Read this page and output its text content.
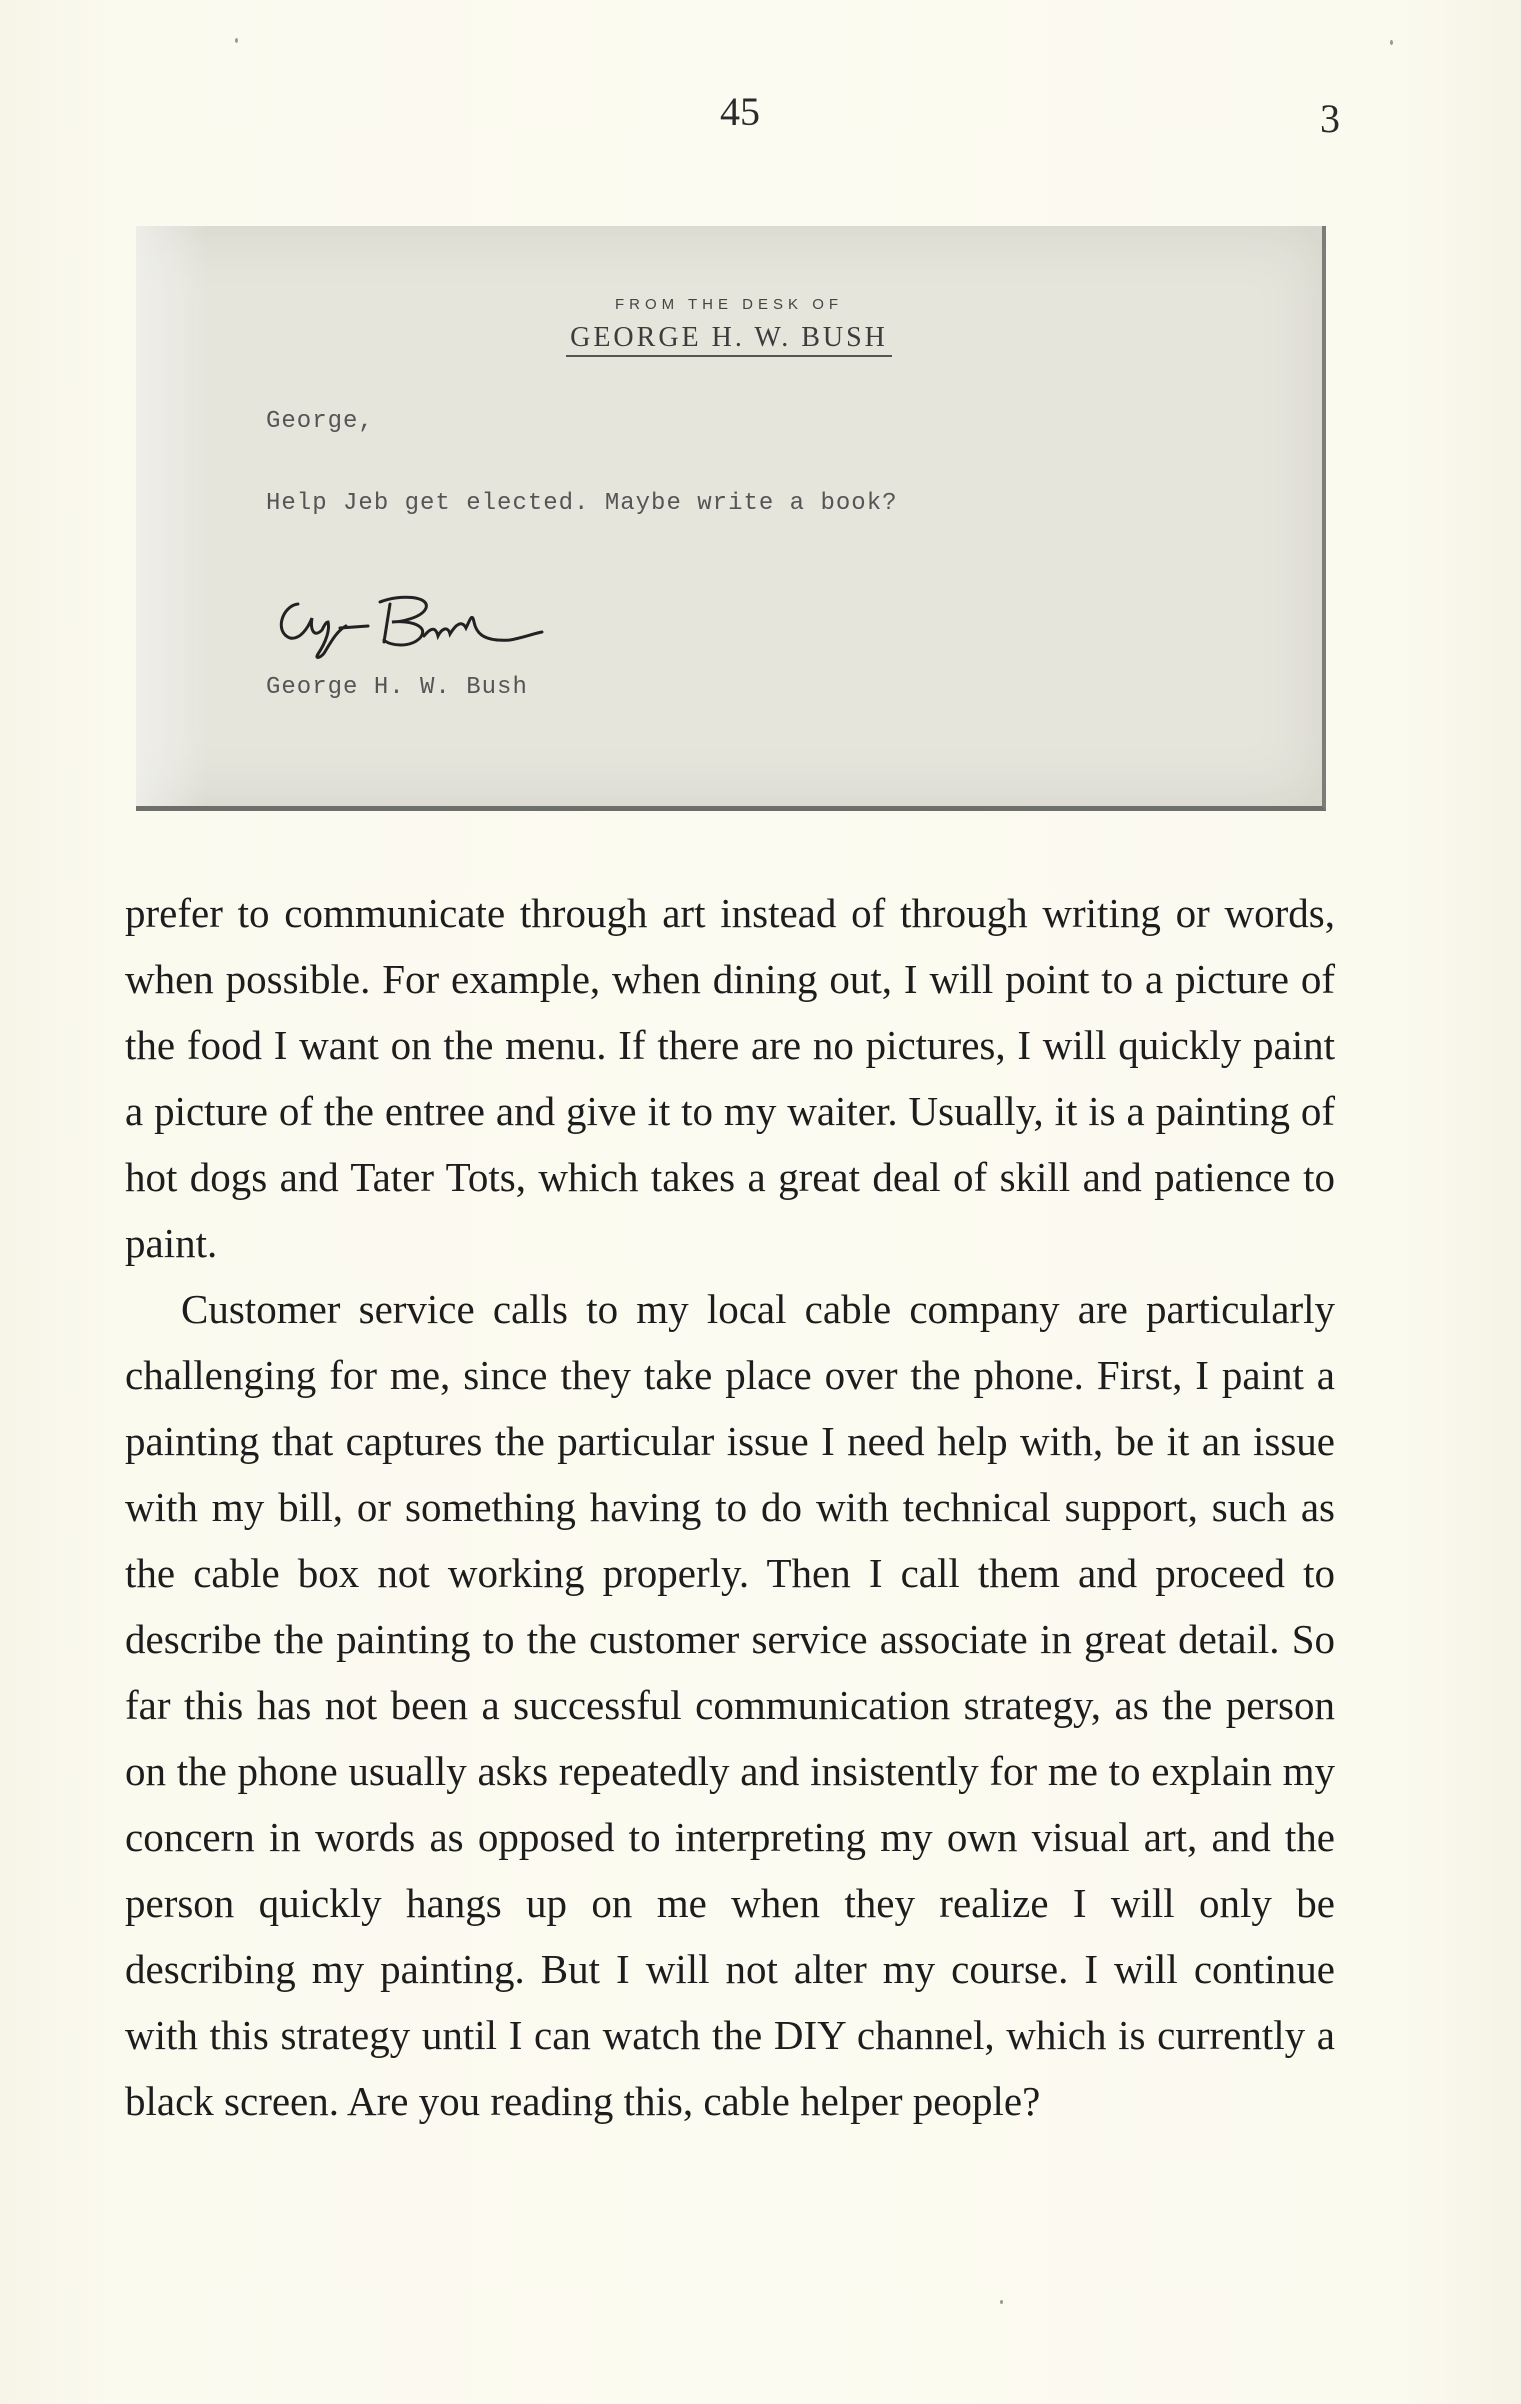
45	3
FROM THE DESK OF
GEORGE H. W. BUSH
George,
Help Jeb get elected. Maybe write a book?
George H. W. Bush

prefer to communicate through art instead of through writing or words, when possible. For example, when dining out, I will point to a picture of the food I want on the menu. If there are no pictures, I will quickly paint a picture of the entree and give it to my waiter. Usually, it is a painting of hot dogs and Tater Tots, which takes a great deal of skill and patience to paint.

Customer service calls to my local cable company are particularly challenging for me, since they take place over the phone. First, I paint a painting that captures the particular issue I need help with, be it an issue with my bill, or something having to do with technical support, such as the cable box not working properly. Then I call them and proceed to describe the painting to the customer service associate in great detail. So far this has not been a successful communication strategy, as the person on the phone usually asks repeatedly and insistently for me to explain my concern in words as opposed to interpreting my own visual art, and the person quickly hangs up on me when they realize I will only be describing my painting. But I will not alter my course. I will continue with this strategy until I can watch the DIY channel, which is currently a black screen. Are you reading this, cable helper people?
